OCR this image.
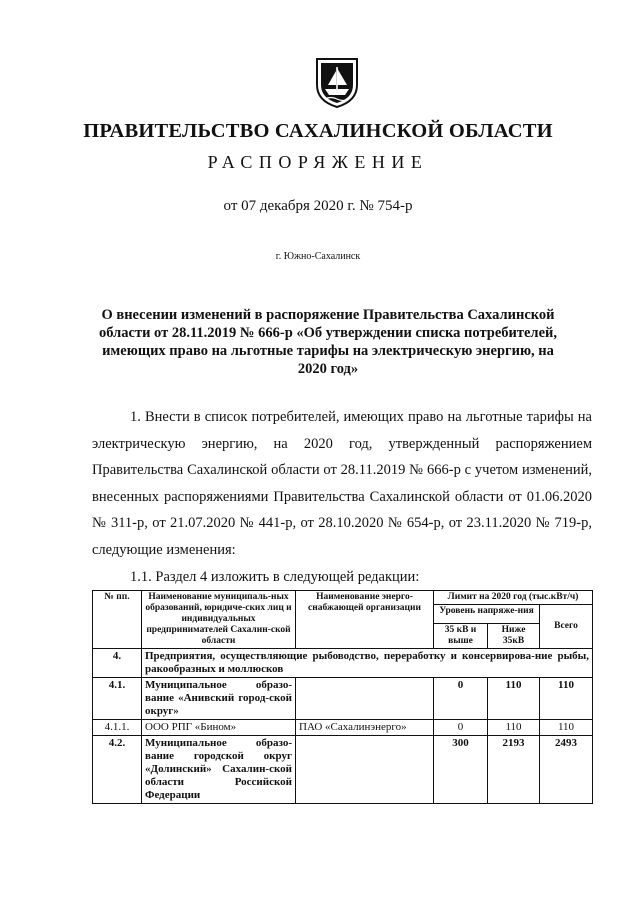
ПРАВИТЕЛЬСТВО САХАЛИНСКОЙ ОБЛАСТИ
РАСПОРЯЖЕНИЕ
от 07 декабря 2020 г. № 754-р
г. Южно-Сахалинск
О внесении изменений в распоряжение Правительства Сахалинской области от 28.11.2019 № 666-р «Об утверждении списка потребителей, имеющих право на льготные тарифы на электрическую энергию, на 2020 год»
1. Внести в список потребителей, имеющих право на льготные тарифы на электрическую энергию, на 2020 год, утвержденный распоряжением Правительства Сахалинской области от 28.11.2019 № 666-р с учетом изменений, внесенных распоряжениями Правительства Сахалинской области от 01.06.2020 № 311-р, от 21.07.2020 № 441-р, от 28.10.2020 № 654-р, от 23.11.2020 № 719-р, следующие изменения:
1.1. Раздел 4 изложить в следующей редакции:
№ пп.	Наименование муниципаль-ных образований, юридиче-ских лиц и индивидуальных предпринимателей Сахалин-ской области	Наименование энерго-снабжающей организации	Лимит на 2020 год (тыс.кВт/ч)		
			Уровень напряже-ния		Всего
			35 кВ и выше	Ниже 35кВ	
4.	Предприятия, осуществляющие рыбоводство, переработку и консервирова-ние рыбы, ракообразных и моллюсков				
4.1.	Муниципальное образо-вание «Анивский город-ской округ»		0	110	110
4.1.1.	ООО РПГ «Бином»	ПАО «Сахалинэнерго»	0	110	110
4.2.	Муниципальное образо-вание городской округ «Долинский» Сахалин-ской области Российской Федерации		300	2193	2493
